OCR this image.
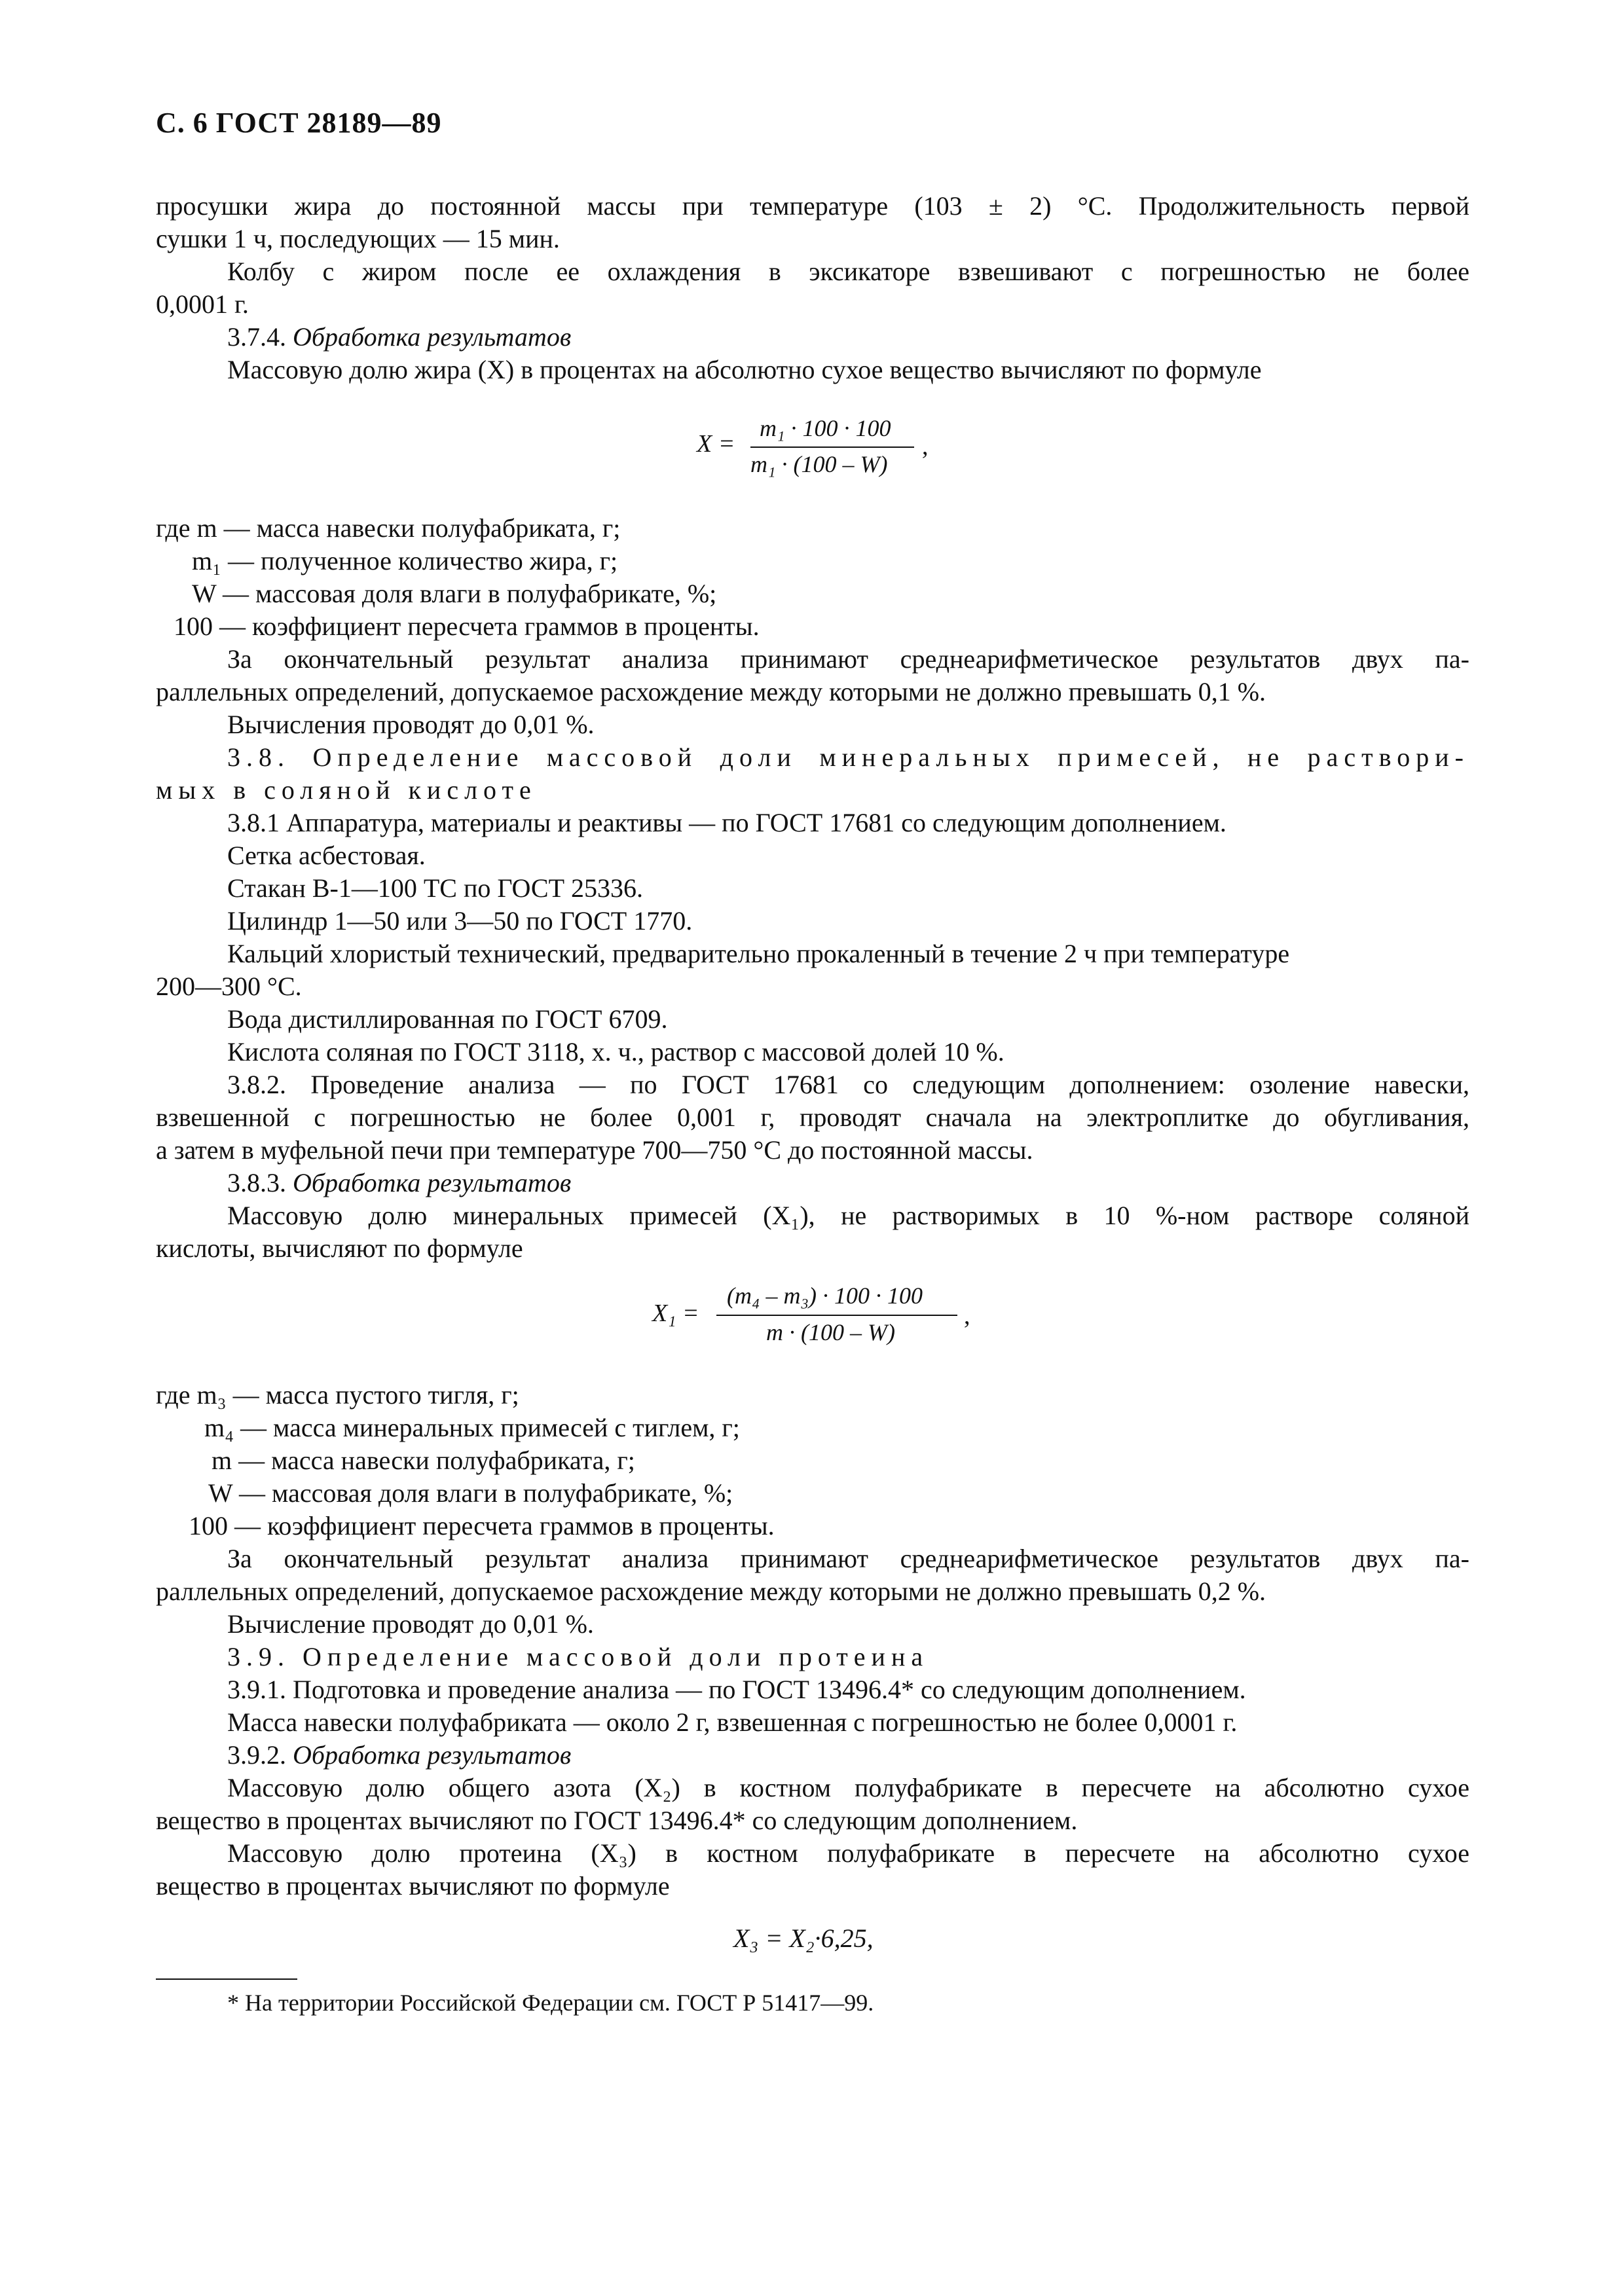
С. 6 ГОСТ 28189—89
просушки жира до постоянной массы при температуре (103 ± 2) °С. Продолжительность первой
сушки 1 ч, последующих — 15 мин.
Колбу с жиром после ее охлаждения в эксикаторе взвешивают с погрешностью не более
0,0001 г.
3.7.4. Обработка результатов
Массовую долю жира (X) в процентах на абсолютно сухое вещество вычисляют по формуле
X =
m₁ · 100 · 100
m₁ · (100 – W)
,
где m — масса навески полуфабриката, г;
m₁ — полученное количество жира, г;
W — массовая доля влаги в полуфабрикате, %;
100 — коэффициент пересчета граммов в проценты.
За окончательный результат анализа принимают среднеарифметическое результатов двух па-
раллельных определений, допускаемое расхождение между которыми не должно превышать 0,1 %.
Вычисления проводят до 0,01 %.
3.8. Определение массовой доли минеральных примесей, не раствори-
мых в соляной кислоте
3.8.1 Аппаратура, материалы и реактивы — по ГОСТ 17681 со следующим дополнением.
Сетка асбестовая.
Стакан В-1—100 ТС по ГОСТ 25336.
Цилиндр 1—50 или 3—50 по ГОСТ 1770.
Кальций хлористый технический, предварительно прокаленный в течение 2 ч при температуре
200—300 °С.
Вода дистиллированная по ГОСТ 6709.
Кислота соляная по ГОСТ 3118, х. ч., раствор с массовой долей 10 %.
3.8.2. Проведение анализа — по ГОСТ 17681 со следующим дополнением: озоление навески,
взвешенной с погрешностью не более 0,001 г, проводят сначала на электроплитке до обугливания,
а затем в муфельной печи при температуре 700—750 °С до постоянной массы.
3.8.3. Обработка результатов
Массовую долю минеральных примесей (X₁), не растворимых в 10 %-ном растворе соляной
кислоты, вычисляют по формуле
X₁ =
(m₄ – m₃) · 100 · 100
m · (100 – W)
,
где m₃ — масса пустого тигля, г;
m₄ — масса минеральных примесей с тиглем, г;
m — масса навески полуфабриката, г;
W — массовая доля влаги в полуфабрикате, %;
100 — коэффициент пересчета граммов в проценты.
За окончательный результат анализа принимают среднеарифметическое результатов двух па-
раллельных определений, допускаемое расхождение между которыми не должно превышать 0,2 %.
Вычисление проводят до 0,01 %.
3.9. Определение массовой доли протеина
3.9.1. Подготовка и проведение анализа — по ГОСТ 13496.4* со следующим дополнением.
Масса навески полуфабриката — около 2 г, взвешенная с погрешностью не более 0,0001 г.
3.9.2. Обработка результатов
Массовую долю общего азота (X₂) в костном полуфабрикате в пересчете на абсолютно сухое
вещество в процентах вычисляют по ГОСТ 13496.4* со следующим дополнением.
Массовую долю протеина (X₃) в костном полуфабрикате в пересчете на абсолютно сухое
вещество в процентах вычисляют по формуле
X₃ = X₂·6,25,
* На территории Российской Федерации см. ГОСТ Р 51417—99.
